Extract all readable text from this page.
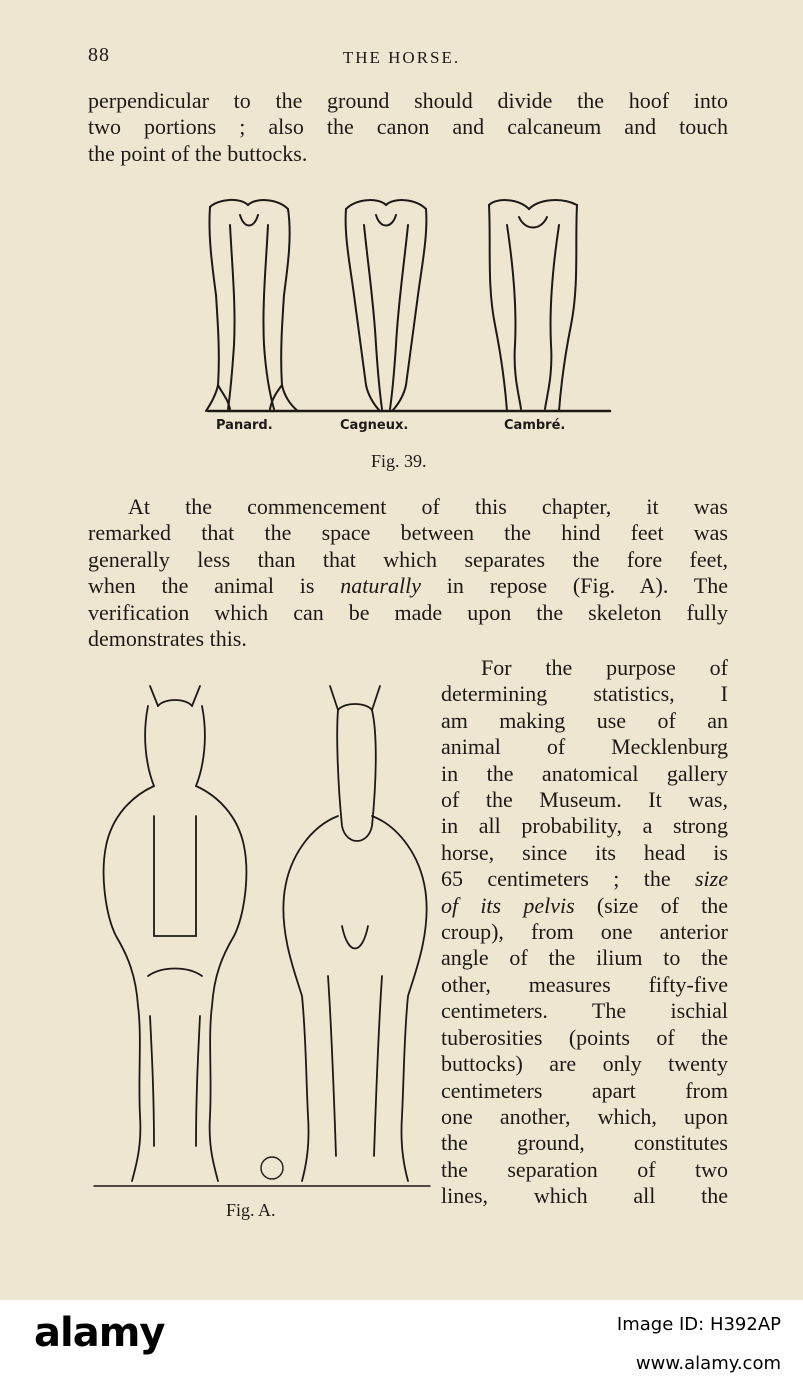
88	THE HORSE.
perpendicular to the ground should divide the hoof into
two portions ; also the canon and calcaneum and touch
the point of the buttocks.
Panard.	Cagneux.	Cambré.
Fig. 39.
At the commencement of this chapter, it was
remarked that the space between the hind feet was
generally less than that which separates the fore feet,
when the animal is naturally in repose (Fig. A). The
verification which can be made upon the skeleton fully
demonstrates this.
Fig. A.
For the purpose of
determining statistics, I
am making use of an
animal of Mecklenburg
in the anatomical gallery
of the Museum. It was,
in all probability, a strong
horse, since its head is
65 centimeters ; the size
of its pelvis (size of the
croup), from one anterior
angle of the ilium to the
other, measures fifty-five
centimeters. The ischial
tuberosities (points of the
buttocks) are only twenty
centimeters apart from
one another, which, upon
the ground, constitutes
the separation of two
lines, which all the
alamy	Image ID: H392AP
www.alamy.com
